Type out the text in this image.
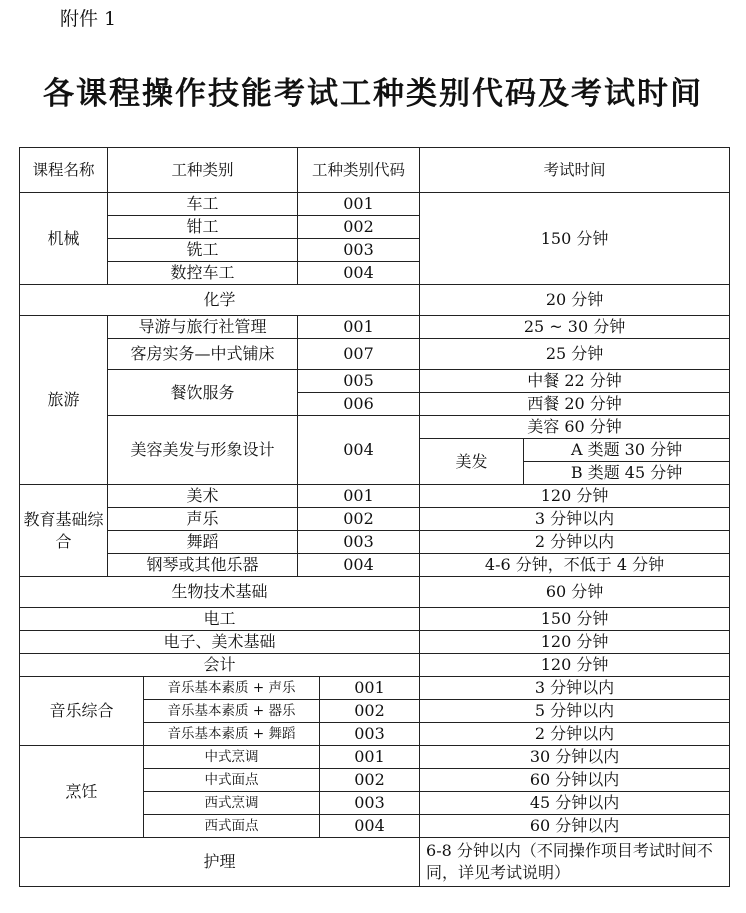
附件 1
各课程操作技能考试工种类别代码及考试时间
课程名称	工种类别		工种类别代码		考试时间	
机械	车工		001		150 分钟	
	钳工		002			
	铣工		003			
	数控车工		004			
化学					20 分钟	
旅游	导游与旅行社管理		001		25 ~ 30 分钟	
	客房实务—中式铺床		007		25 分钟	
	餐饮服务		005		中餐 22 分钟	
			006		西餐 20 分钟	
	美容美发与形象设计		004		美容 60 分钟	
					美发	A 类题 30 分钟
						B 类题 45 分钟
教育基础综合	美术		001		120 分钟	
	声乐		002		3 分钟以内	
	舞蹈		003		2 分钟以内	
	钢琴或其他乐器		004		4-6 分钟，不低于 4 分钟	
生物技术基础					60 分钟	
电工					150 分钟	
电子、美术基础					120 分钟	
会计					120 分钟	
音乐综合		音乐基本素质 + 声乐		001	3 分钟以内	
		音乐基本素质 + 器乐		002	5 分钟以内	
		音乐基本素质 + 舞蹈		003	2 分钟以内	
烹饪		中式烹调		001	30 分钟以内	
		中式面点		002	60 分钟以内	
		西式烹调		003	45 分钟以内	
		西式面点		004	60 分钟以内	
护理					6-8 分钟以内（不同操作项目考试时间不同，详见考试说明）	
